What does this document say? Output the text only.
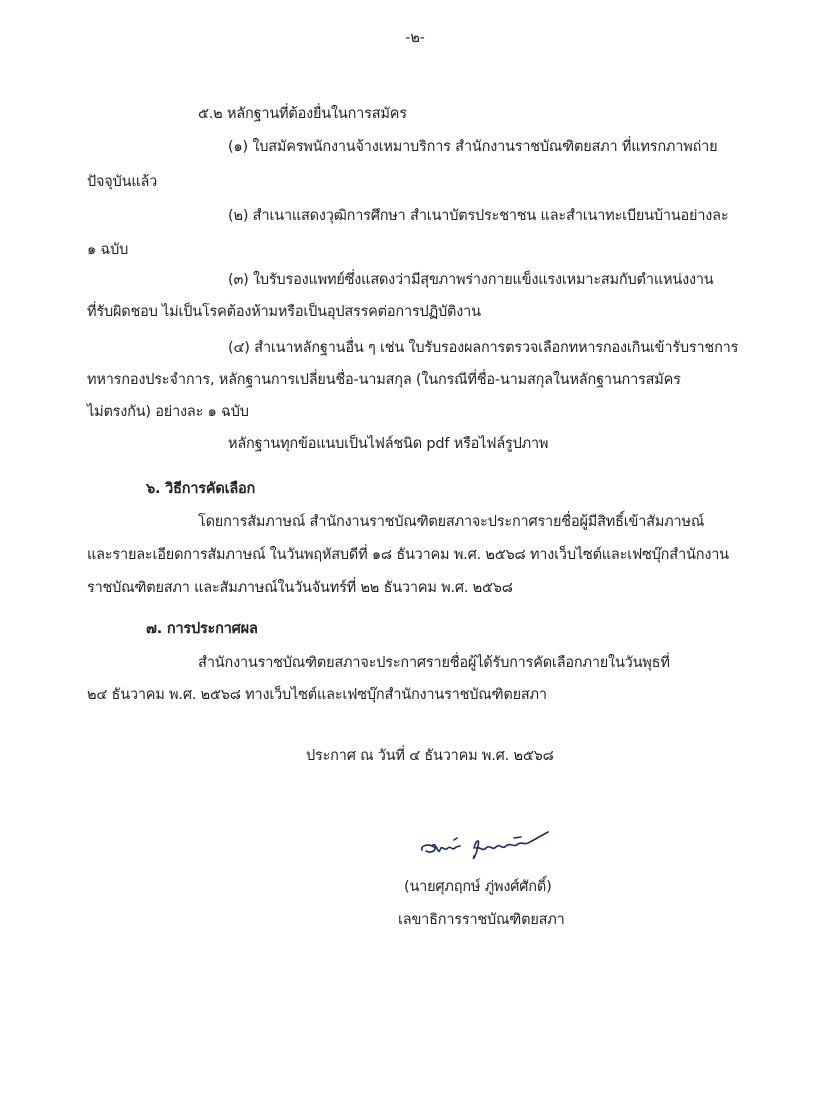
-๒-
๕.๒ หลักฐานที่ต้องยื่นในการสมัคร
(๑) ใบสมัครพนักงานจ้างเหมาบริการ สำนักงานราชบัณฑิตยสภา ที่แทรกภาพถ่าย
ปัจจุบันแล้ว
(๒) สำเนาแสดงวุฒิการศึกษา สำเนาบัตรประชาชน และสำเนาทะเบียนบ้านอย่างละ
๑ ฉบับ
(๓) ใบรับรองแพทย์ซึ่งแสดงว่ามีสุขภาพร่างกายแข็งแรงเหมาะสมกับตำแหน่งงาน
ที่รับผิดชอบ ไม่เป็นโรคต้องห้ามหรือเป็นอุปสรรคต่อการปฏิบัติงาน
(๔) สำเนาหลักฐานอื่น ๆ เช่น ใบรับรองผลการตรวจเลือกทหารกองเกินเข้ารับราชการ
ทหารกองประจำการ, หลักฐานการเปลี่ยนชื่อ-นามสกุล (ในกรณีที่ชื่อ-นามสกุลในหลักฐานการสมัคร
ไม่ตรงกัน) อย่างละ ๑ ฉบับ
หลักฐานทุกข้อแนบเป็นไฟล์ชนิด pdf หรือไฟล์รูปภาพ
๖. วิธีการคัดเลือก
โดยการสัมภาษณ์ สำนักงานราชบัณฑิตยสภาจะประกาศรายชื่อผู้มีสิทธิ์เข้าสัมภาษณ์
และรายละเอียดการสัมภาษณ์ ในวันพฤหัสบดีที่ ๑๘ ธันวาคม พ.ศ. ๒๕๖๘ ทางเว็บไซต์และเฟซบุ๊กสำนักงาน
ราชบัณฑิตยสภา และสัมภาษณ์ในวันจันทร์ที่ ๒๒ ธันวาคม พ.ศ. ๒๕๖๘
๗. การประกาศผล
สำนักงานราชบัณฑิตยสภาจะประกาศรายชื่อผู้ได้รับการคัดเลือกภายในวันพุธที่
๒๔ ธันวาคม พ.ศ. ๒๕๖๘ ทางเว็บไซต์และเฟซบุ๊กสำนักงานราชบัณฑิตยสภา
ประกาศ ณ วันที่ ๔ ธันวาคม พ.ศ. ๒๕๖๘
(นายศุภฤกษ์ ภู่พงศ์ศักดิ์)
เลขาธิการราชบัณฑิตยสภา
